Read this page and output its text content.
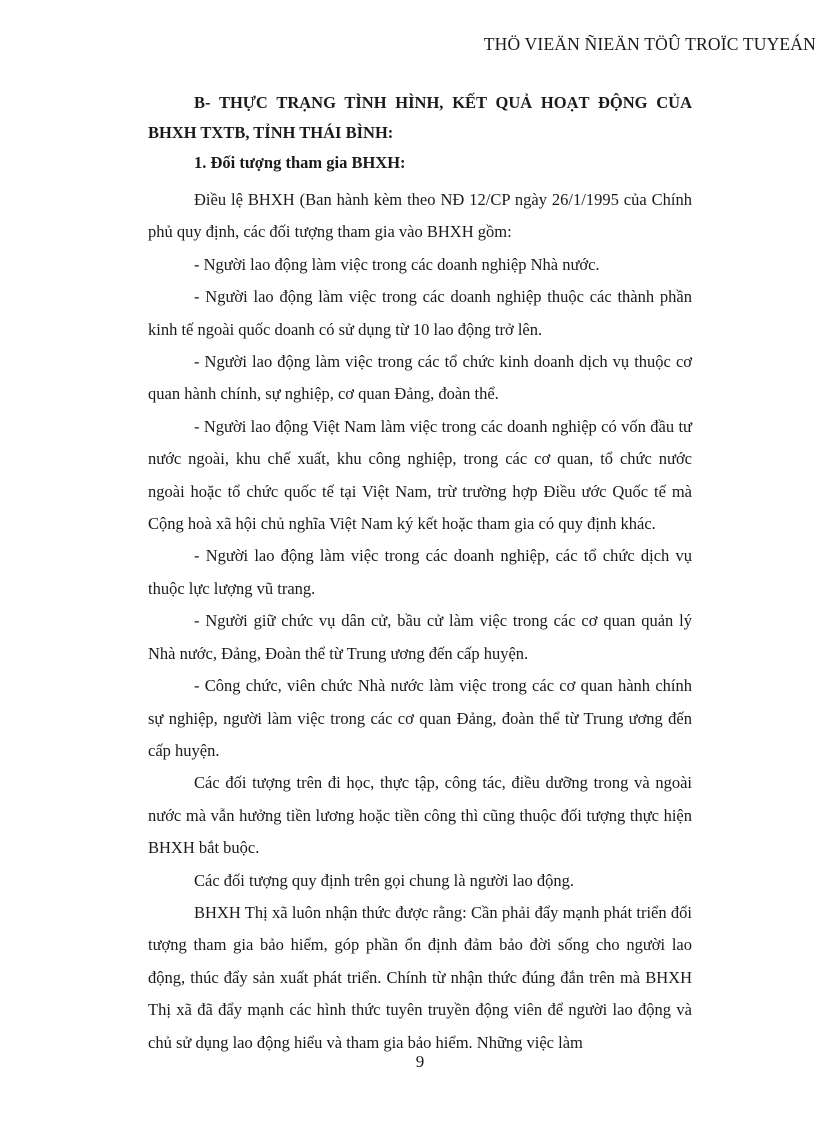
THÖ VIEÄN ÑIEÄN TÖÛ TROÏC TUYEÁN

B- THỰC TRẠNG TÌNH HÌNH, KẾT QUẢ HOẠT ĐỘNG CỦA BHXH TXTB, TỈNH THÁI BÌNH:

1. Đối tượng tham gia BHXH:

Điều lệ BHXH (Ban hành kèm theo NĐ 12/CP ngày 26/1/1995 của Chính phủ quy định, các đối tượng tham gia vào BHXH gồm:

- Người lao động làm việc trong các doanh nghiệp Nhà nước.

- Người lao động làm việc trong các doanh nghiệp thuộc các thành phần kinh tế ngoài quốc doanh có sử dụng từ 10 lao động trở lên.

- Người lao động làm việc trong các tổ chức kinh doanh dịch vụ thuộc cơ quan hành chính, sự nghiệp, cơ quan Đảng, đoàn thể.

- Người lao động Việt Nam làm việc trong các doanh nghiệp có vốn đầu tư nước ngoài, khu chế xuất, khu công nghiệp, trong các cơ quan, tổ chức nước ngoài hoặc tổ chức quốc tế tại Việt Nam, trừ trường hợp Điều ước Quốc tế mà Cộng hoà xã hội chủ nghĩa Việt Nam ký kết hoặc tham gia có quy định khác.

- Người lao động làm việc trong các doanh nghiệp, các tổ chức dịch vụ thuộc lực lượng vũ trang.

- Người giữ chức vụ dân cử, bầu cử làm việc trong các cơ quan quản lý Nhà nước, Đảng, Đoàn thể từ Trung ương đến cấp huyện.

- Công chức, viên chức Nhà nước làm việc trong các cơ quan hành chính sự nghiệp, người làm việc trong các cơ quan Đảng, đoàn thể từ Trung ương đến cấp huyện.

Các đối tượng trên đi học, thực tập, công tác, điều dưỡng trong và ngoài nước mà vẫn hưởng tiền lương hoặc tiền công thì cũng thuộc đối tượng thực hiện BHXH bắt buộc.

Các đối tượng quy định trên gọi chung là người lao động.

BHXH Thị xã luôn nhận thức được rằng: Cần phải đẩy mạnh phát triển đối tượng tham gia bảo hiểm, góp phần ổn định đảm bảo đời sống cho người lao động, thúc đẩy sản xuất phát triển. Chính từ nhận thức đúng đắn trên mà BHXH Thị xã đã đẩy mạnh các hình thức tuyên truyền động viên để người lao động và chủ sử dụng lao động hiểu và tham gia bảo hiểm. Những việc làm

9
